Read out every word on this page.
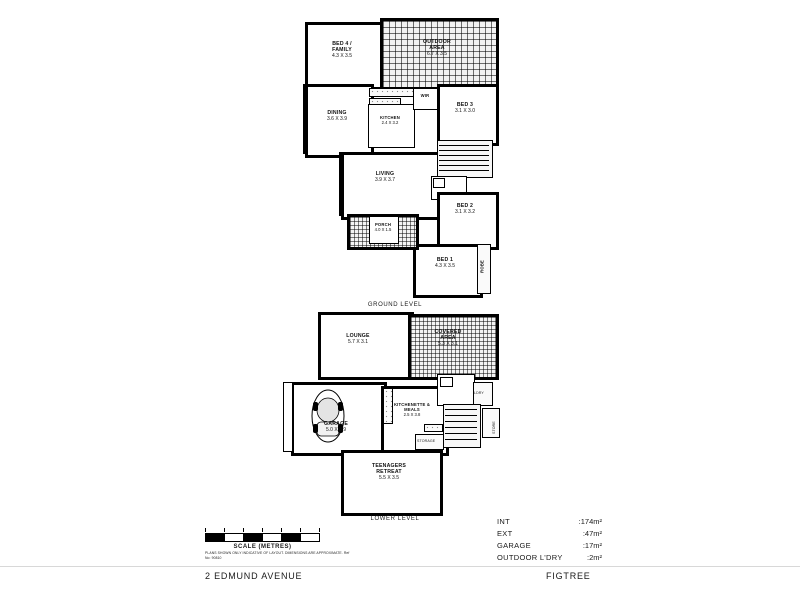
BED 4 /
FAMILY
4.3 X 3.5
OUTDOOR
AREA
6.7 X 3.5
DINING
3.6 X 3.9	KITCHEN
2.4 X 3.2
WIR
BED 3
3.1 X 3.0
LIVING
3.9 X 3.7
BED 2
3.1 X 3.2
PORCH
4.0 X 1.5
BED 1
4.3 X 3.5	ROBE
GROUND LEVEL
LOUNGE
5.7 X 3.1
COVERED
AREA
5.3 X 3.1
KITCHENETTE &
MEALS
2.5 X 3.8
GARAGE
5.0 X 3.9
TEENAGERS
RETREAT
5.5 X 3.5
STORAGE
LDRY
STORE
LOWER LEVEL
SCALE (METRES)
PLANS SHOWN ONLY INDICATIVE OF LAYOUT. DIMENSIONS ARE APPROXIMATE. Ref No: 90810
INT	:174m²
EXT	:47m²
GARAGE	:17m²
OUTDOOR L'DRY	:2m²
2 EDMUND AVENUE	FIGTREE
